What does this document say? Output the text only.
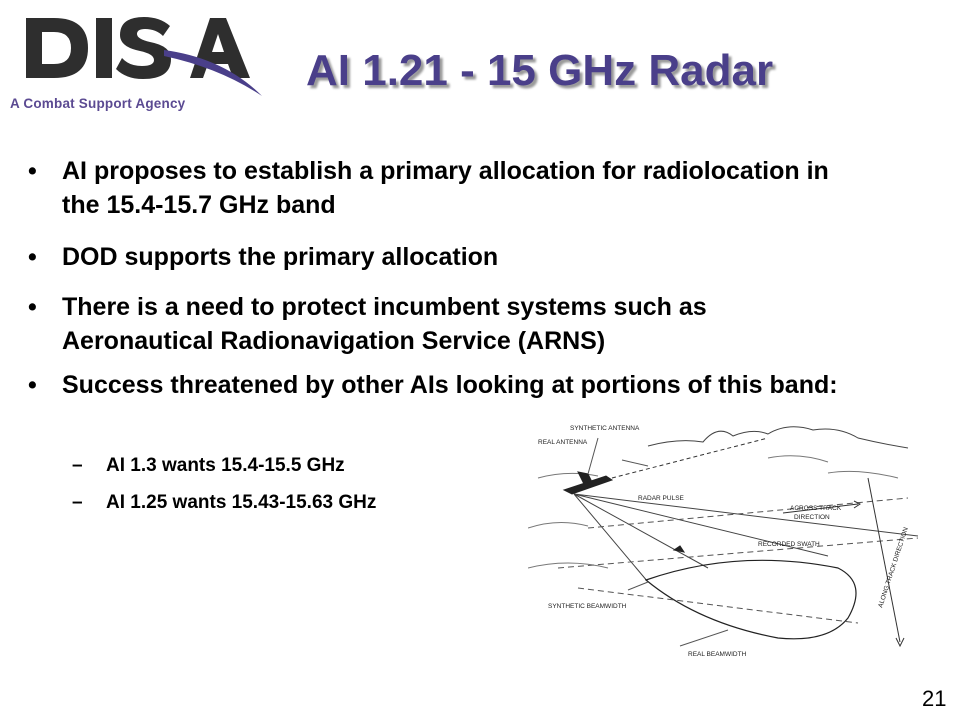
A Combat Support Agency
AI 1.21 - 15 GHz Radar
• AI proposes to establish a primary allocation for radiolocation in the 15.4-15.7 GHz band
• DOD supports the primary allocation
• There is a need to protect incumbent systems such as Aeronautical Radionavigation Service (ARNS)
• Success threatened by other AIs looking at portions of this band:
– AI 1.3 wants 15.4-15.5 GHz
– AI 1.25 wants 15.43-15.63 GHz
SYNTHETIC ANTENNA
REAL ANTENNA
RADAR PULSE
ACROSS TRACK
DIRECTION
RECORDED SWATH	ALONG TRACK DIRECTION
SYNTHETIC BEAMWIDTH
REAL BEAMWIDTH
21
